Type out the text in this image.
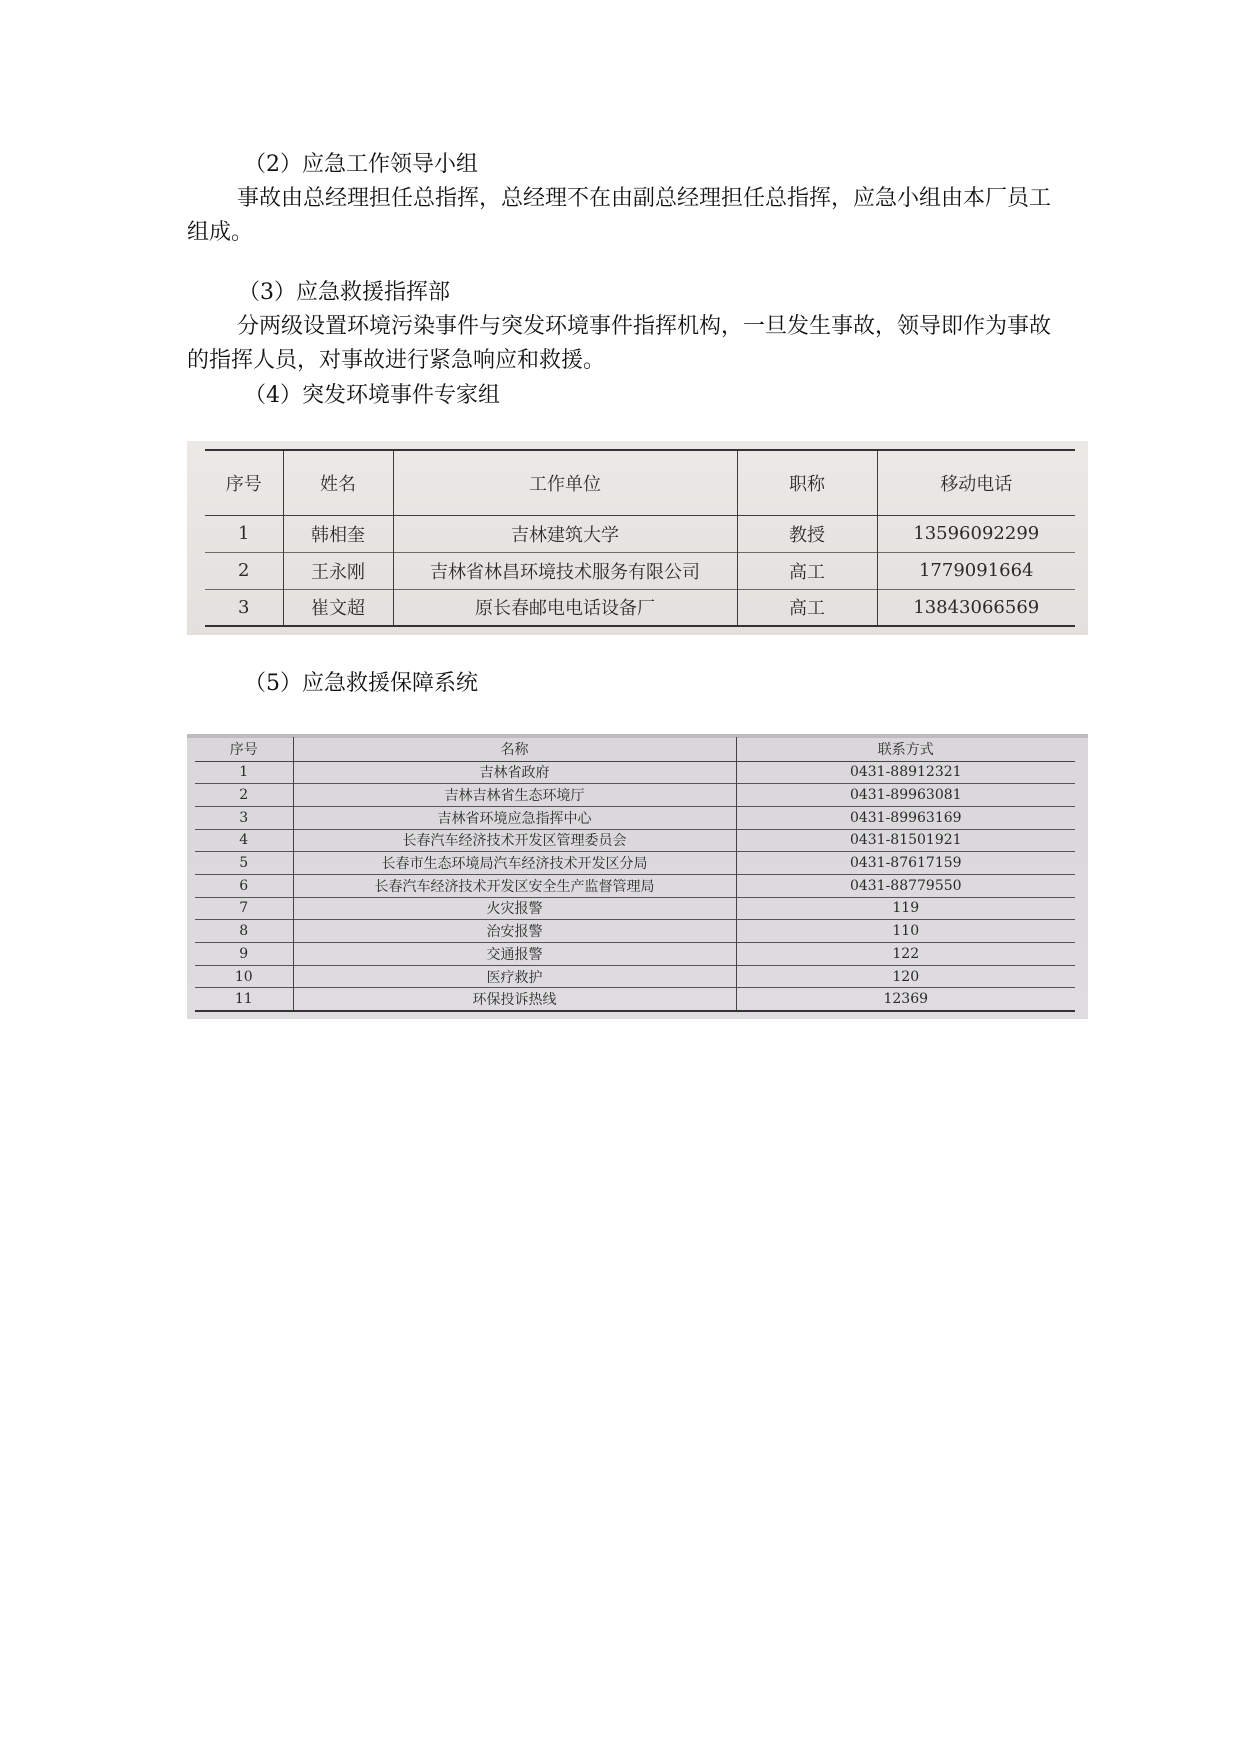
（2）应急工作领导小组

事故由总经理担任总指挥，总经理不在由副总经理担任总指挥，应急小组由本厂员工组成。

（3）应急救援指挥部

分两级设置环境污染事件与突发环境事件指挥机构，一旦发生事故，领导即作为事故的指挥人员，对事故进行紧急响应和救援。

（4）突发环境事件专家组

序号	姓名	工作单位	职称	移动电话
1	韩相奎	吉林建筑大学	教授	13596092299
2	王永刚	吉林省林昌环境技术服务有限公司	高工	1779091664
3	崔文超	原长春邮电电话设备厂	高工	13843066569

（5）应急救援保障系统

序号	名称	联系方式
1	吉林省政府	0431-88912321
2	吉林吉林省生态环境厅	0431-89963081
3	吉林省环境应急指挥中心	0431-89963169
4	长春汽车经济技术开发区管理委员会	0431-81501921
5	长春市生态环境局汽车经济技术开发区分局	0431-87617159
6	长春汽车经济技术开发区安全生产监督管理局	0431-88779550
7	火灾报警	119
8	治安报警	110
9	交通报警	122
10	医疗救护	120
11	环保投诉热线	12369
